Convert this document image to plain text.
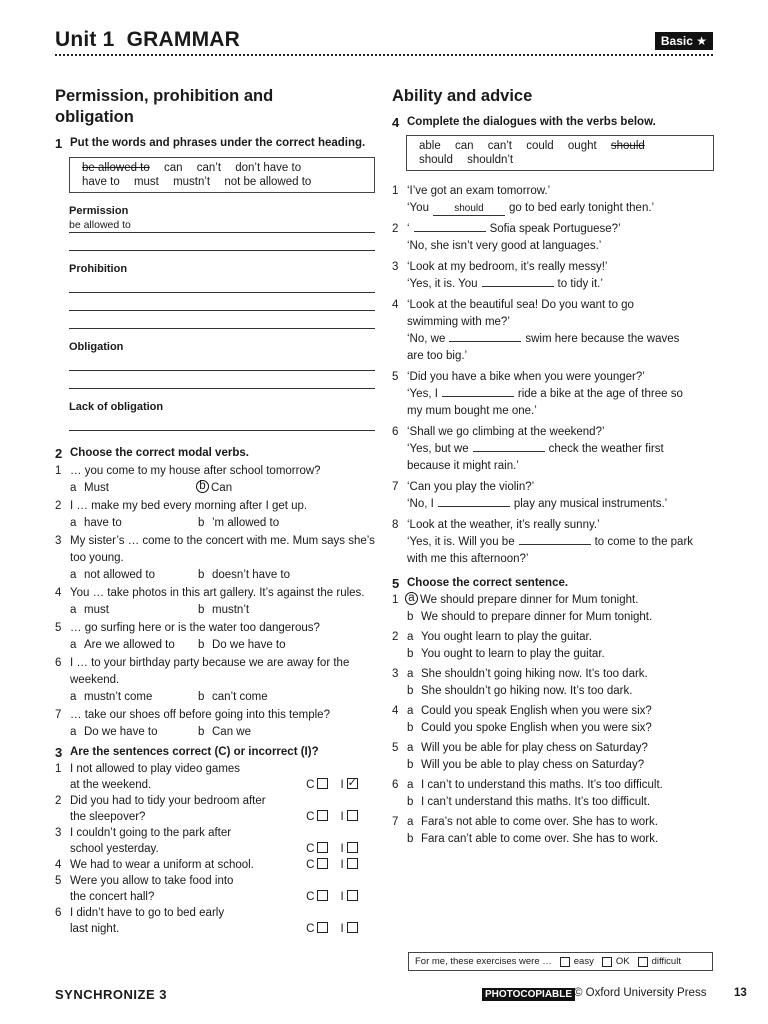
Unit 1 GRAMMAR	Basic ★
Permission, prohibition and obligation
1 Put the words and phrases under the correct heading.
be allowed to can can’t don’t have to
have to must mustn’t not be allowed to
Permission
be allowed to
Prohibition
Obligation
Lack of obligation
2 Choose the correct modal verbs.
1 … you come to my house after school tomorrow?
a Must	b Can
2 I … make my bed every morning after I get up.
a have to	b ’m allowed to
3 My sister’s … come to the concert with me. Mum says she’s too young.
a not allowed to	b doesn’t have to
4 You … take photos in this art gallery. It’s against the rules.
a must	b mustn’t
5 … go surfing here or is the water too dangerous?
a Are we allowed to b Do we have to
6 I … to your birthday party because we are away for the weekend.
a mustn’t come	b can’t come
7 … take our shoes off before going into this temple?
a Do we have to	b Can we
3 Are the sentences correct (C) or incorrect (I)?
1 I not allowed to play video games
at the weekend.	C	I✓
2 Did you had to tidy your bedroom after
the sleepover?	C	I
3 I couldn’t going to the park after
school yesterday.	C	I
4 We had to wear a uniform at school.	C	I
5 Were you allow to take food into
the concert hall?	C	I
6 I didn’t have to go to bed early
last night.	C	I
Ability and advice
4 Complete the dialogues with the verbs below.
able can can’t could ought should
should shouldn’t
1 ‘I’ve got an exam tomorrow.’
‘You	should go to bed early tonight then.’
2 ‘	Sofia speak Portuguese?’
‘No, she isn’t very good at languages.’
3 ‘Look at my bedroom, it’s really messy!’
‘Yes, it is. You	to tidy it.’
4 ‘Look at the beautiful sea! Do you want to go
swimming with me?’
‘No, we	swim here because the waves
are too big.’
5 ‘Did you have a bike when you were younger?’
‘Yes, I	ride a bike at the age of three so
my mum bought me one.’
6 ‘Shall we go climbing at the weekend?’
‘Yes, but we	check the weather first
because it might rain.’
7 ‘Can you play the violin?’
‘No, I	play any musical instruments.’
8 ‘Look at the weather, it’s really sunny.’
‘Yes, it is. Will you be	to come to the park
with me this afternoon?’
5 Choose the correct sentence.
1 a We should prepare dinner for Mum tonight.
b We should to prepare dinner for Mum tonight.
2 a You ought learn to play the guitar.
b You ought to learn to play the guitar.
3 a She shouldn’t going hiking now. It’s too dark.
b She shouldn’t go hiking now. It’s too dark.
4 a Could you speak English when you were six?
b Could you spoke English when you were six?
5 a Will you be able for play chess on Saturday?
b Will you be able to play chess on Saturday?
6 a I can’t to understand this maths. It’s too difficult.
b I can’t understand this maths. It’s too difficult.
7 a Fara’s not able to come over. She has to work.
b Fara can’t able to come over. She has to work.
For me, these exercises were … easy OK difficult
SYNCHRONIZE 3	PHOTOCOPIABLE © Oxford University Press 13
